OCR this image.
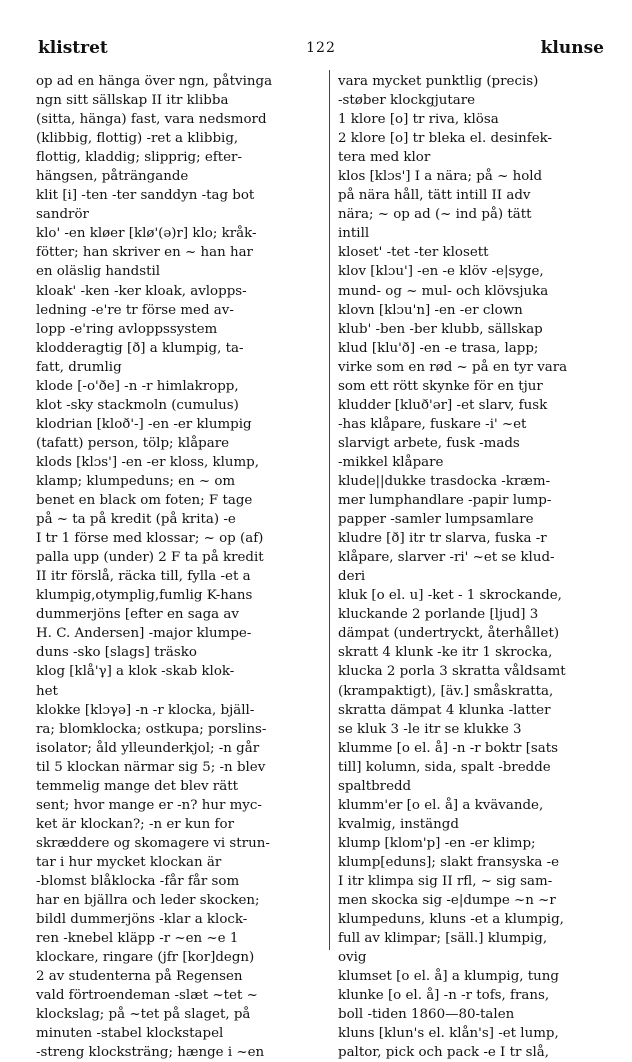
klistret	122	klunse

op ad en hänga över ngn, påtvinga

ngn sitt sällskap II itr klibba

(sitta, hänga) fast, vara nedsmord

(klibbig, flottig) -ret a klibbig,

flottig, kladdig; slipprig; efter-

hängsen, påträngande

klit [i] -ten -ter sanddyn -tag bot

sandrör

klo' -en kløer [klø'(ə)r] klo; kråk-

fötter; han skriver en ~ han har

en oläslig handstil

kloak' -ken -ker kloak, avlopps-

ledning -e're tr förse med av-

lopp -e'ring avloppssystem

klodderagtig [ð] a klumpig, ta-

fatt, drumlig

klode [-o'ðe] -n -r himlakropp,

klot -sky stackmoln (cumulus)

klodrian [kloð'-] -en -er klumpig

(tafatt) person, tölp; klåpare

klods [klɔs'] -en -er kloss, klump,

klamp; klumpeduns; en ~ om

benet en black om foten; F tage

på ~ ta på kredit (på krita) -e

I tr 1 förse med klossar; ~ op (af)

palla upp (under) 2 F ta på kredit

II itr förslå, räcka till, fylla -et a

klumpig,otymplig,fumlig K-hans

dummerjöns [efter en saga av

H. C. Andersen] -major klumpe-

duns -sko [slags] träsko

klog [klå'γ] a klok -skab klok-

het

klokke [klɔγə] -n -r klocka, bjäll-

ra; blomklocka; ostkupa; porslins-

isolator; åld ylleunderkjol; -n går

til 5 klockan närmar sig 5; -n blev

temmelig mange det blev rätt

sent; hvor mange er -n? hur myc-

ket är klockan?; -n er kun for

skræddere og skomagere vi strun-

tar i hur mycket klockan är

-blomst blåklocka -får får som

har en bjällra och leder skocken;

bildl dummerjöns -klar a klock-

ren -knebel kläpp -r ~en ~e 1

klockare, ringare (jfr [kor]degn)

2 av studenterna på Regensen

vald förtroendeman -slæt ~tet ~

klockslag; på ~tet på slaget, på

minuten -stabel klockstapel

-streng klocksträng; hænge i ~en

vara mycket punktlig (precis)

-støber klockgjutare

1 klore [o] tr riva, klösa

2 klore [o] tr bleka el. desinfek-

tera med klor

klos [klɔs'] I a nära; på ~ hold

på nära håll, tätt intill II adv

nära; ~ op ad (~ ind på) tätt

intill

kloset' -tet -ter klosett

klov [klɔu'] -en -e klöv -e|syge,

mund- og ~ mul- och klövsjuka

klovn [klɔu'n] -en -er clown

klub' -ben -ber klubb, sällskap

klud [klu'ð] -en -e trasa, lapp;

virke som en rød ~ på en tyr vara

som ett rött skynke för en tjur

kludder [kluð'ər] -et slarv, fusk

-has klåpare, fuskare -i' ~et

slarvigt arbete, fusk -mads

-mikkel klåpare

klude||dukke trasdocka -kræm-

mer lumphandlare -papir lump-

papper -samler lumpsamlare

kludre [ð] itr tr slarva, fuska -r

klåpare, slarver -ri' ~et se klud-

deri

kluk [o el. u] -ket - 1 skrockande,

kluckande 2 porlande [ljud] 3

dämpat (undertryckt, återhållet)

skratt 4 klunk -ke itr 1 skrocka,

klucka 2 porla 3 skratta våldsamt

(krampaktigt), [äv.] småskratta,

skratta dämpat 4 klunka -latter

se kluk 3 -le itr se klukke 3

klumme [o el. å] -n -r boktr [sats

till] kolumn, sida, spalt -bredde

spaltbredd

klumm'er [o el. å] a kvävande,

kvalmig, instängd

klump [klom'p] -en -er klimp;

klump[eduns]; slakt fransyska -e

I itr klimpa sig II rfl, ~ sig sam-

men skocka sig -e|dumpe ~n ~r

klumpeduns, kluns -et a klumpig,

full av klimpar; [säll.] klumpig,

ovig

klumset [o el. å] a klumpig, tung

klunke [o el. å] -n -r tofs, frans,

boll -tiden 1860—80-talen

kluns [klun's el. klån's] -et lump,

paltor, pick och pack -e I tr slå,
